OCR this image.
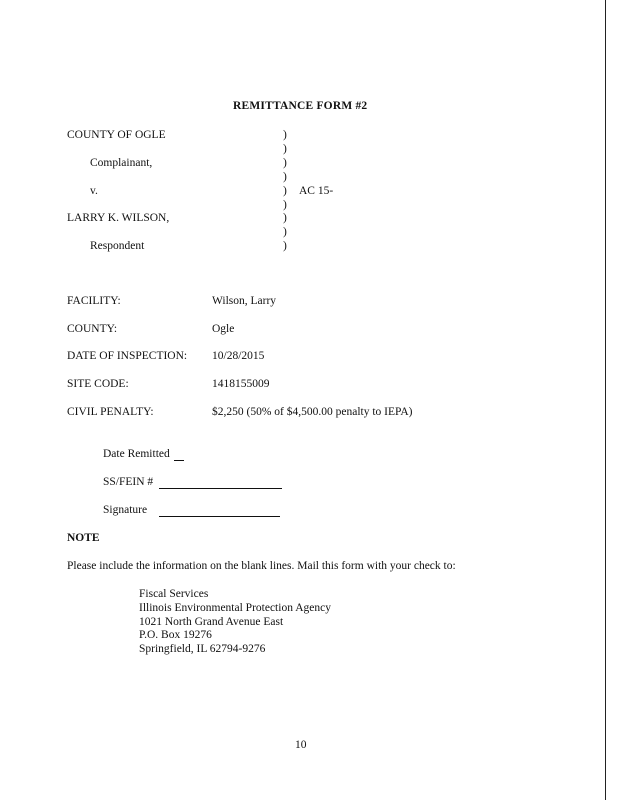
REMITTANCE FORM #2
COUNTY OF OGLE
Complainant,
v.
LARRY K. WILSON,
Respondent
)
)
)
)
)
)
)
)
)
AC 15-
FACILITY:	Wilson, Larry
COUNTY:	Ogle
DATE OF INSPECTION: 10/28/2015
SITE CODE:	1418155009
CIVIL PENALTY:	$2,250 (50% of $4,500.00 penalty to IEPA)
Date Remitted
SS/FEIN #
Signature
NOTE
Please include the information on the blank lines. Mail this form with your check to:
Fiscal Services
Illinois Environmental Protection Agency
1021 North Grand Avenue East
P.O. Box 19276
Springfield, IL 62794-9276
10
